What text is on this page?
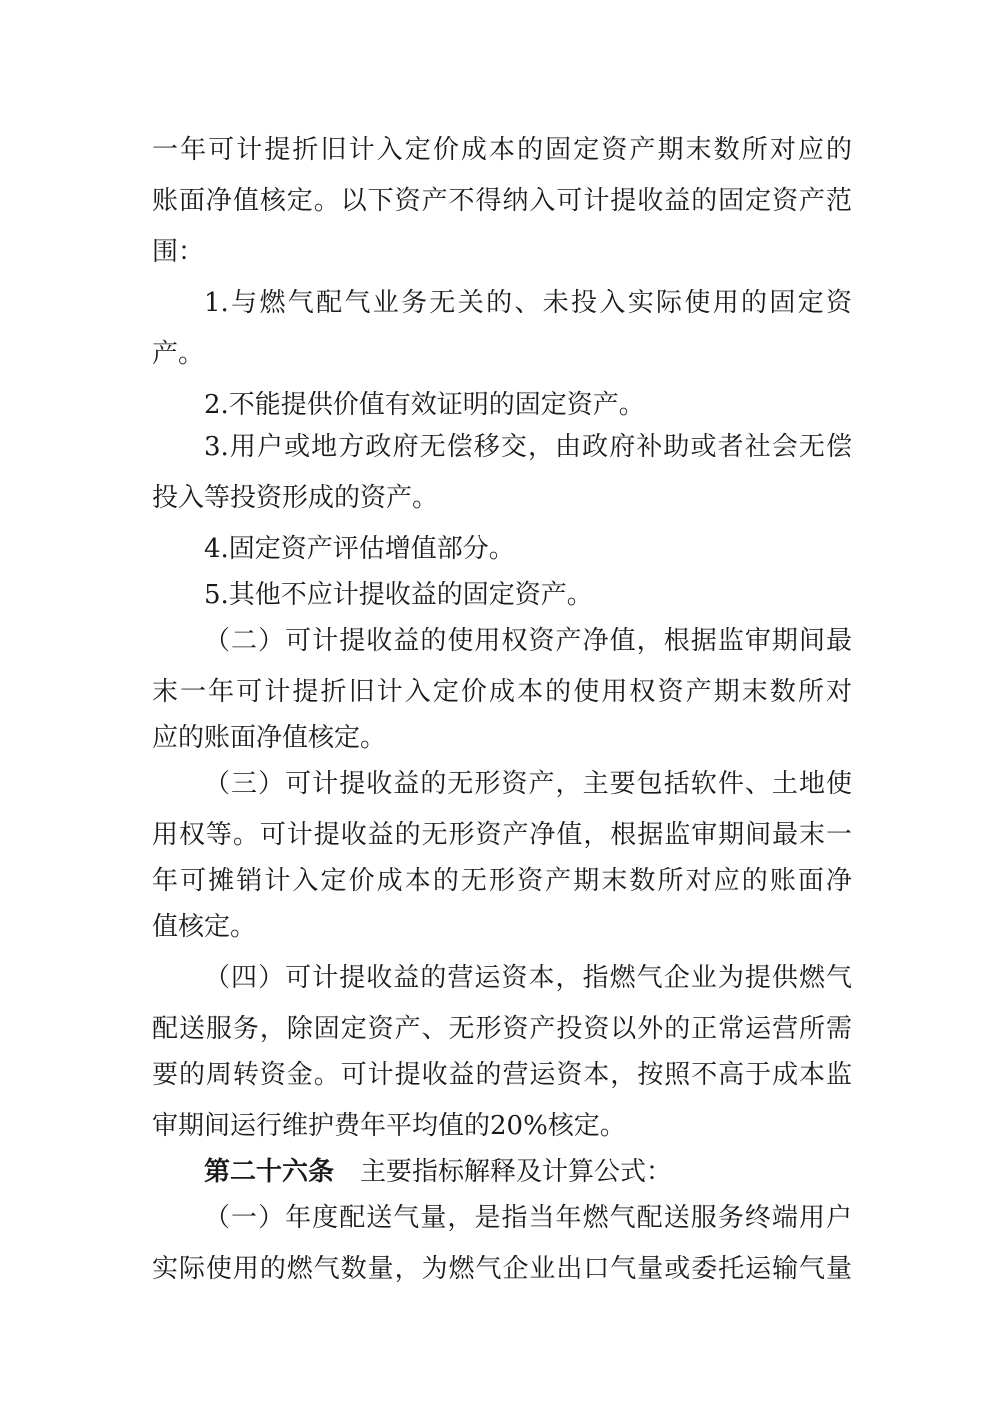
一年可计提折旧计入定价成本的固定资产期末数所对应的
账面净值核定。以下资产不得纳入可计提收益的固定资产范
围：
1.与燃气配气业务无关的、未投入实际使用的固定资
产。
2.不能提供价值有效证明的固定资产。
3.用户或地方政府无偿移交，由政府补助或者社会无偿
投入等投资形成的资产。
4.固定资产评估增值部分。
5.其他不应计提收益的固定资产。
（二）可计提收益的使用权资产净值，根据监审期间最
末一年可计提折旧计入定价成本的使用权资产期末数所对
应的账面净值核定。
（三）可计提收益的无形资产，主要包括软件、土地使
用权等。可计提收益的无形资产净值，根据监审期间最末一
年可摊销计入定价成本的无形资产期末数所对应的账面净
值核定。
（四）可计提收益的营运资本，指燃气企业为提供燃气
配送服务，除固定资产、无形资产投资以外的正常运营所需
要的周转资金。可计提收益的营运资本，按照不高于成本监
审期间运行维护费年平均值的20%核定。
第二十六条 主要指标解释及计算公式：
（一）年度配送气量，是指当年燃气配送服务终端用户
实际使用的燃气数量，为燃气企业出口气量或委托运输气量
